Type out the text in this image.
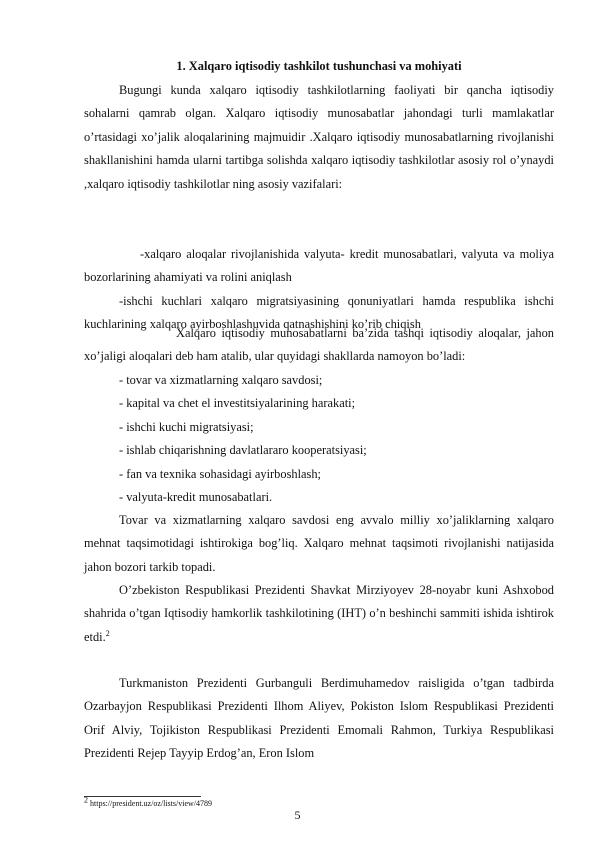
1. Xalqaro iqtisodiy tashkilot tushunchasi va mohiyati

Bugungi kunda xalqaro iqtisodiy tashkilotlarning faoliyati bir qancha iqtisodiy sohalarni qamrab olgan. Xalqaro iqtisodiy munosabatlar jahondagi turli mamlakatlar o’rtasidagi xo’jalik aloqalarining majmuidir .Xalqaro iqtisodiy munosabatlarning rivojlanishi shakllanishini hamda ularni tartibga solishda xalqaro iqtisodiy tashkilotlar asosiy rol o’ynaydi ,xalqaro iqtisodiy tashkilotlar ning asosiy vazifalari:

-xalqaro aloqalar rivojlanishida valyuta- kredit munosabatlari, valyuta va moliya bozorlarining ahamiyati va rolini aniqlash

-ishchi kuchlari xalqaro migratsiyasining qonuniyatlari hamda respublika ishchi kuchlarining xalqaro ayirboshlashuvida qatnashishini ko’rib chiqish

Xalqaro iqtisodiy munosabatlarni ba’zida tashqi iqtisodiy aloqalar, jahon xo’jaligi aloqalari deb ham atalib, ular quyidagi shakllarda namoyon bo’ladi:

- tovar va xizmatlarning xalqaro savdosi;
- kapital va chet el investitsiyalarining harakati;
- ishchi kuchi migratsiyasi;
- ishlab chiqarishning davlatlararo kooperatsiyasi;
- fan va texnika sohasidagi ayirboshlash;
- valyuta-kredit munosabatlari.

Tovar va xizmatlarning xalqaro savdosi eng avvalo milliy xo’jaliklarning xalqaro mehnat taqsimotidagi ishtirokiga bog’liq. Xalqaro mehnat taqsimoti rivojlanishi natijasida jahon bozori tarkib topadi.

O’zbekiston Respublikasi Prezidenti Shavkat Mirziyoyev 28-noyabr kuni Ashxobod shahrida o’tgan Iqtisodiy hamkorlik tashkilotining (IHT) o’n beshinchi sammiti ishida ishtirok etdi.$^2$

Turkmaniston Prezidenti Gurbanguli Berdimuhamedov raisligida o’tgan tadbirda Ozarbayjon Respublikasi Prezidenti Ilhom Aliyev, Pokiston Islom Respublikasi Prezidenti Orif Alviy, Tojikiston Respublikasi Prezidenti Emomali Rahmon, Turkiya Respublikasi Prezidenti Rejep Tayyip Erdog’an, Eron Islom

2 https://president.uz/oz/lists/view/4789
5
